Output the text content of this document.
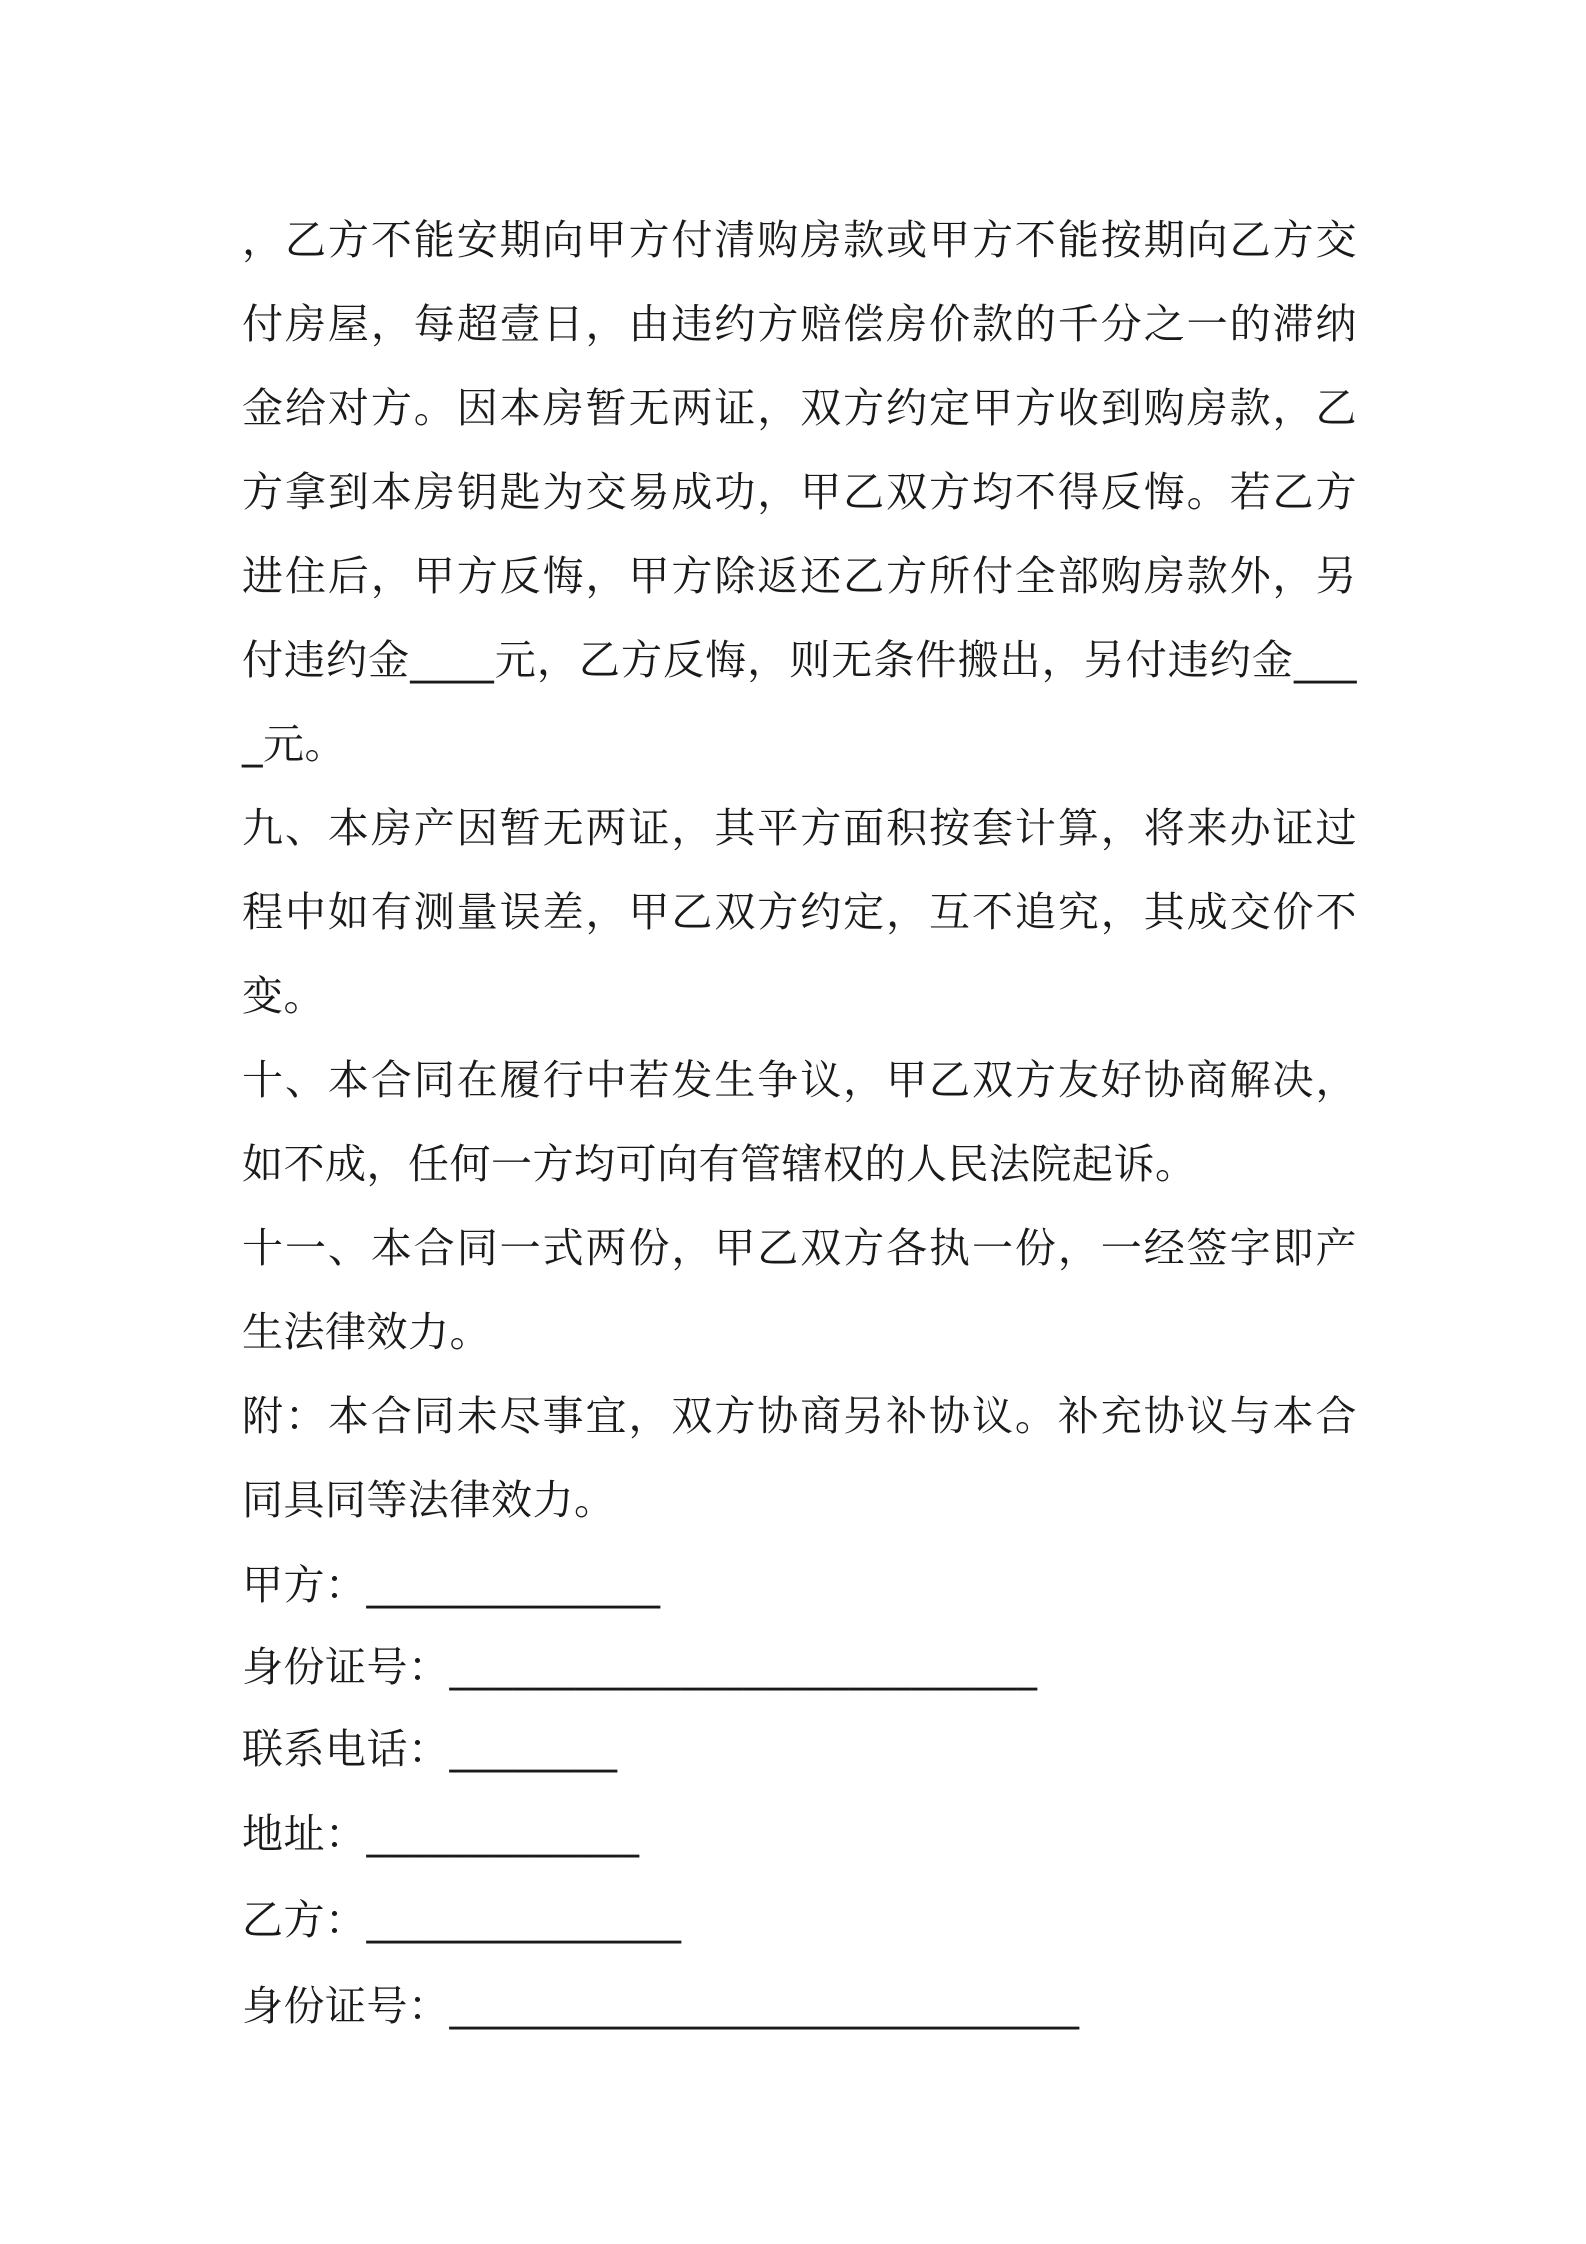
，乙方不能安期向甲方付清购房款或甲方不能按期向乙方交付房屋，每超壹日，由违约方赔偿房价款的千分之一的滞纳金给对方。因本房暂无两证，双方约定甲方收到购房款，乙方拿到本房钥匙为交易成功，甲乙双方均不得反悔。若乙方进住后，甲方反悔，甲方除返还乙方所付全部购房款外，另付违约金____元，乙方反悔，则无条件搬出，另付违约金____元。

九、本房产因暂无两证，其平方面积按套计算，将来办证过程中如有测量误差，甲乙双方约定，互不追究，其成交价不变。

十、本合同在履行中若发生争议，甲乙双方友好协商解决，如不成，任何一方均可向有管辖权的人民法院起诉。

十一、本合同一式两份，甲乙双方各执一份，一经签字即产生法律效力。

附：本合同未尽事宜，双方协商另补协议。补充协议与本合同具同等法律效力。

甲方：______________
身份证号：____________________________
联系电话：________
地址：_____________
乙方：_______________
身份证号：______________________________
